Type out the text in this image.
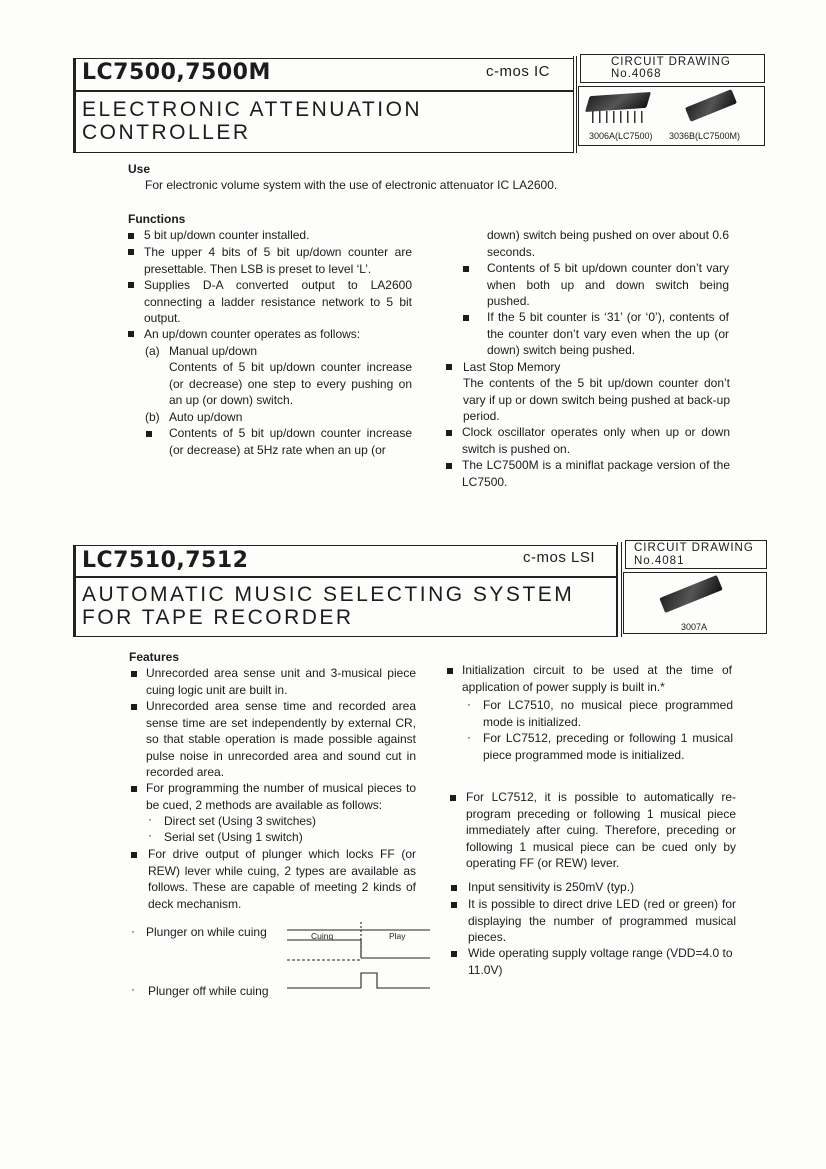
LC7500,7500M	c-mos IC
CIRCUIT DRAWING
No.4068
ELECTRONIC ATTENUATION
CONTROLLER	3006A(LC7500) 3036B(LC7500M)
Use
For electronic volume system with the use of electronic attenuator IC LA2600.
Functions
5 bit up/down counter installed.
The upper 4 bits of 5 bit up/down counter are presettable. Then LSB is preset to level ‘L’.
Supplies D-A converted output to LA2600 connecting a ladder resistance network to 5 bit output.
An up/down counter operates as follows:
(a) Manual up/down
Contents of 5 bit up/down counter increase (or decrease) one step to every pushing on an up (or down) switch.
(b) Auto up/down
Contents of 5 bit up/down counter increase (or decrease) at 5Hz rate when an up (or
down) switch being pushed on over about 0.6 seconds.
Contents of 5 bit up/down counter don’t vary when both up and down switch being pushed.
If the 5 bit counter is ‘31’ (or ‘0’), contents of the counter don’t vary even when the up (or down) switch being pushed.
Last Stop Memory
The contents of the 5 bit up/down counter don’t vary if up or down switch being pushed at back-up period.
Clock oscillator operates only when up or down switch is pushed on.
The LC7500M is a miniflat package version of the LC7500.
LC7510,7512	c-mos LSI
CIRCUIT DRAWING
No.4081
AUTOMATIC MUSIC SELECTING SYSTEM
FOR TAPE RECORDER	3007A
Features
Unrecorded area sense unit and 3-musical piece cuing logic unit are built in.
Unrecorded area sense time and recorded area sense time are set independently by external CR, so that stable operation is made possible against pulse noise in unrecorded area and sound cut in recorded area.
For programming the number of musical pieces to be cued, 2 methods are available as follows:
· Direct set (Using 3 switches)
· Serial set (Using 1 switch)
For drive output of plunger which locks FF (or REW) lever while cuing, 2 types are available as follows. These are capable of meeting 2 kinds of deck mechanism.
· Plunger on while cuing
· Plunger off while cuing
Cuing	Play
Initialization circuit to be used at the time of application of power supply is built in.*
· For LC7510, no musical piece programmed mode is initialized.
· For LC7512, preceding or following 1 musical piece programmed mode is initialized.
For LC7512, it is possible to automatically re-program preceding or following 1 musical piece immediately after cuing. Therefore, preceding or following 1 musical piece can be cued only by operating FF (or REW) lever.
Input sensitivity is 250mV (typ.)
It is possible to direct drive LED (red or green) for displaying the number of programmed musical pieces.
Wide operating supply voltage range (VDD=4.0 to 11.0V)
